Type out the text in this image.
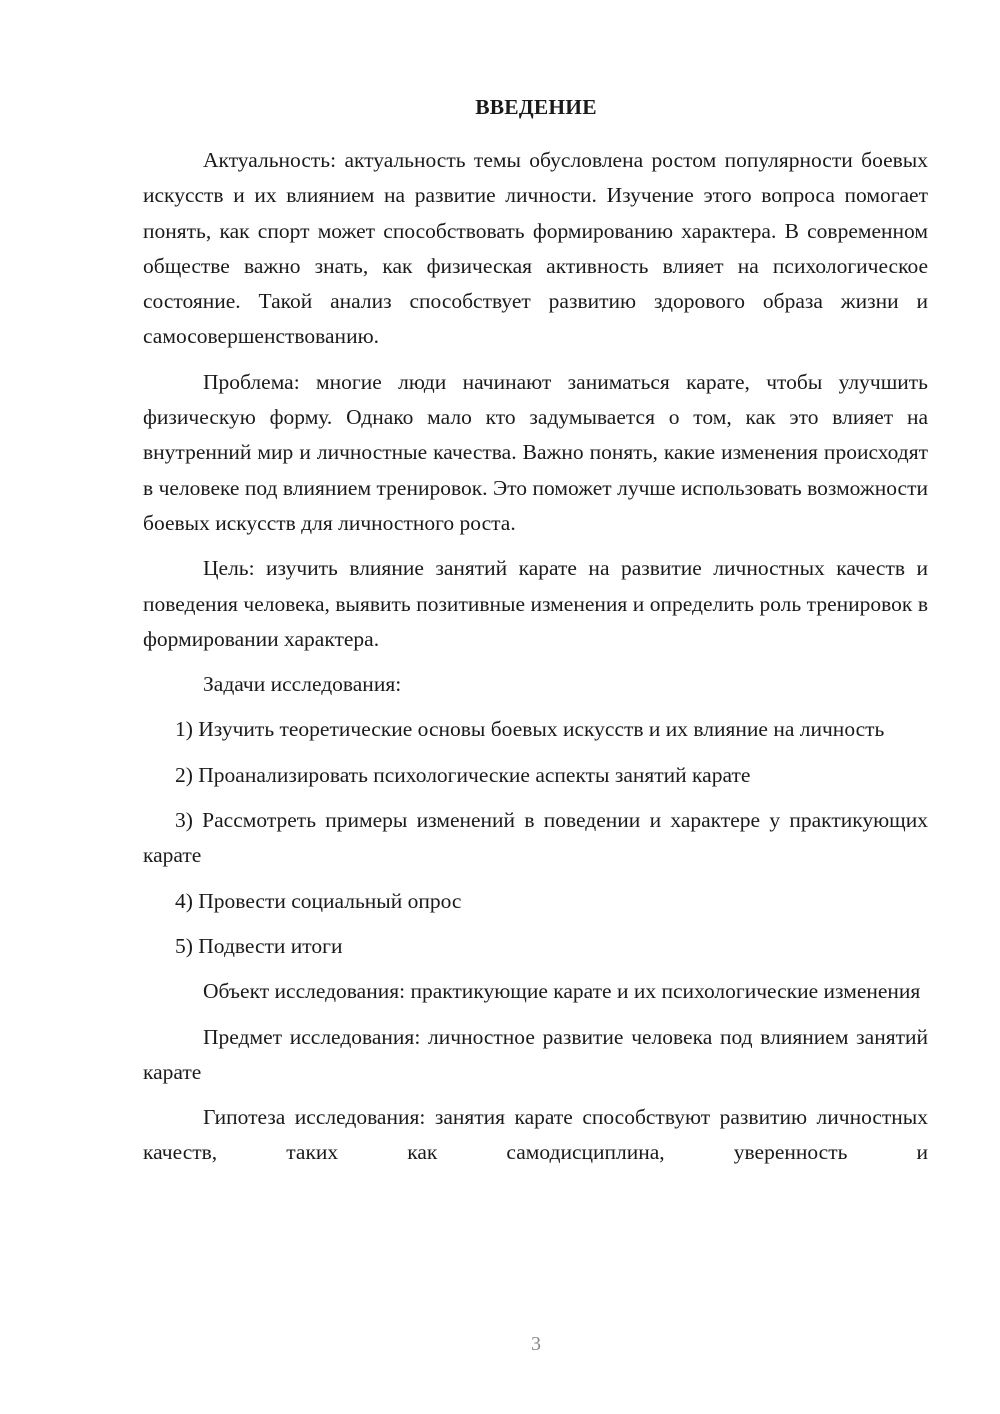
ВВЕДЕНИЕ

Актуальность: актуальность темы обусловлена ростом популярности боевых искусств и их влиянием на развитие личности. Изучение этого вопроса помогает понять, как спорт может способствовать формированию характера. В современном обществе важно знать, как физическая активность влияет на психологическое состояние. Такой анализ способствует развитию здорового образа жизни и самосовершенствованию.

Проблема: многие люди начинают заниматься карате, чтобы улучшить физическую форму. Однако мало кто задумывается о том, как это влияет на внутренний мир и личностные качества. Важно понять, какие изменения происходят в человеке под влиянием тренировок. Это поможет лучше использовать возможности боевых искусств для личностного роста.

Цель: изучить влияние занятий карате на развитие личностных качеств и поведения человека, выявить позитивные изменения и определить роль тренировок в формировании характера.

Задачи исследования:

1) Изучить теоретические основы боевых искусств и их влияние на личность

2) Проанализировать психологические аспекты занятий карате

3) Рассмотреть примеры изменений в поведении и характере у практикующих карате

4) Провести социальный опрос

5) Подвести итоги

Объект исследования: практикующие карате и их психологические изменения

Предмет исследования: личностное развитие человека под влиянием занятий карате

Гипотеза исследования: занятия карате способствуют развитию личностных качеств, таких как самодисциплина, уверенность и

3
